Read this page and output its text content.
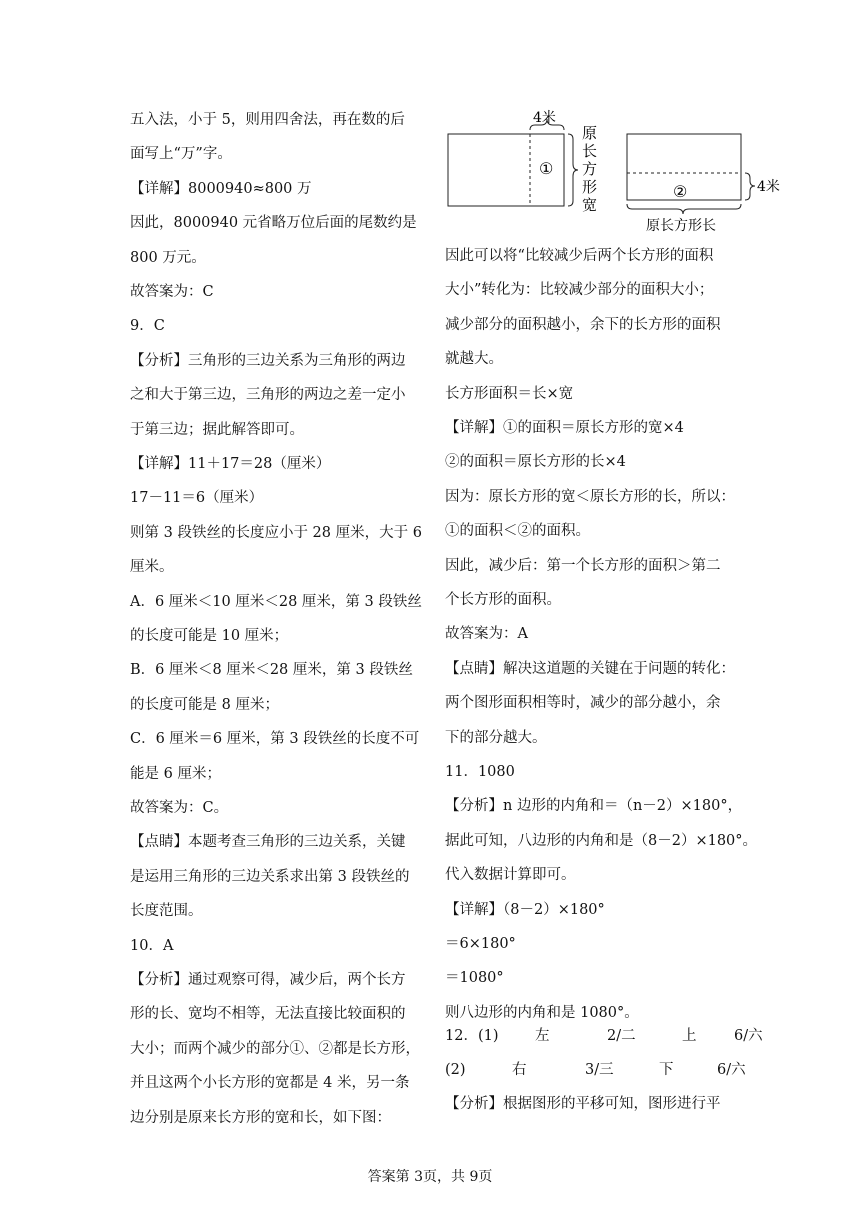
五入法，小于 5，则用四舍法，再在数的后
面写上“万”字。
【详解】8000940≈800 万
因此，8000940 元省略万位后面的尾数约是
800 万元。
故答案为：C
9．C
【分析】三角形的三边关系为三角形的两边
之和大于第三边，三角形的两边之差一定小
于第三边；据此解答即可。
【详解】11＋17＝28（厘米）
17－11＝6（厘米）
则第 3 段铁丝的长度应小于 28 厘米，大于 6
厘米。
A．6 厘米＜10 厘米＜28 厘米，第 3 段铁丝
的长度可能是 10 厘米；
B．6 厘米＜8 厘米＜28 厘米，第 3 段铁丝
的长度可能是 8 厘米；
C．6 厘米＝6 厘米，第 3 段铁丝的长度不可
能是 6 厘米；
故答案为：C。
【点睛】本题考查三角形的三边关系，关键
是运用三角形的三边关系求出第 3 段铁丝的
长度范围。
10．A
【分析】通过观察可得，减少后，两个长方
形的长、宽均不相等，无法直接比较面积的
大小；而两个减少的部分①、②都是长方形，
并且这两个小长方形的宽都是 4 米，另一条
边分别是原来长方形的宽和长，如下图：
因此可以将“比较减少后两个长方形的面积
大小”转化为：比较减少部分的面积大小；
减少部分的面积越小，余下的长方形的面积
就越大。
长方形面积＝长×宽
【详解】①的面积＝原长方形的宽×4
②的面积＝原长方形的长×4
因为：原长方形的宽＜原长方形的长，所以：
①的面积＜②的面积。
因此，减少后：第一个长方形的面积＞第二
个长方形的面积。
故答案为：A
【点睛】解决这道题的关键在于问题的转化：
两个图形面积相等时，减少的部分越小，余
下的部分越大。
11．1080
【分析】n 边形的内角和＝（n－2）×180°，
据此可知，八边形的内角和是（8－2）×180°。
代入数据计算即可。
【详解】（8－2）×180°
＝6×180°
＝1080°
则八边形的内角和是 1080°。
①
4米
原
长
方
形
宽
②	4米
原长方形长
12．(1)	左	2/二	上	6/六
(2)	右	3/三	下	6/六
【分析】根据图形的平移可知，图形进行平
答案第 3页，共 9页
